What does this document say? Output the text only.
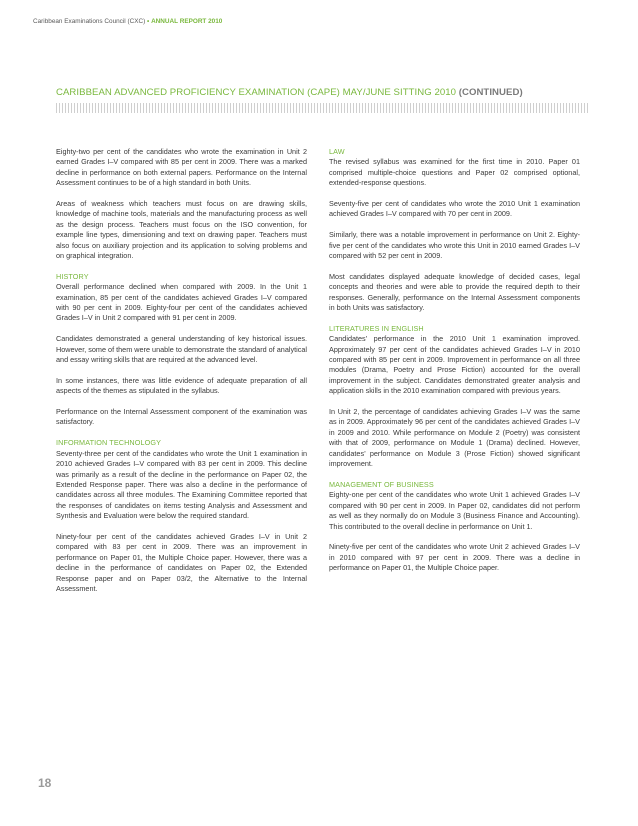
Caribbean Examinations Council (CXC) • ANNUAL REPORT 2010
CARIBBEAN ADVANCED PROFICIENCY EXAMINATION (CAPE) MAY/JUNE SITTING 2010 (CONTINUED)

Eighty-two per cent of the candidates who wrote the examination in Unit 2 earned Grades I–V compared with 85 per cent in 2009. There was a marked decline in performance on both external papers. Performance on the Internal Assessment continues to be of a high standard in both Units.

Areas of weakness which teachers must focus on are drawing skills, knowledge of machine tools, materials and the manufacturing process as well as the design process. Teachers must focus on the ISO convention, for example line types, dimensioning and text on drawing paper. Teachers must also focus on auxiliary projection and its application to solving problems and on graphical integration.

HISTORY

Overall performance declined when compared with 2009. In the Unit 1 examination, 85 per cent of the candidates achieved Grades I–V compared with 90 per cent in 2009. Eighty-four per cent of the candidates achieved Grades I–V in Unit 2 compared with 91 per cent in 2009.

Candidates demonstrated a general understanding of key historical issues. However, some of them were unable to demonstrate the standard of analytical and essay writing skills that are required at the advanced level.

In some instances, there was little evidence of adequate preparation of all aspects of the themes as stipulated in the syllabus.

Performance on the Internal Assessment component of the examination was satisfactory.

INFORMATION TECHNOLOGY

Seventy-three per cent of the candidates who wrote the Unit 1 examination in 2010 achieved Grades I–V compared with 83 per cent in 2009. This decline was primarily as a result of the decline in the performance on Paper 02, the Extended Response paper. There was also a decline in the performance of candidates across all three modules. The Examining Committee reported that the responses of candidates on items testing Analysis and Assessment and Synthesis and Evaluation were below the required standard.

Ninety-four per cent of the candidates achieved Grades I–V in Unit 2 compared with 83 per cent in 2009. There was an improvement in performance on Paper 01, the Multiple Choice paper. However, there was a decline in the performance of candidates on Paper 02, the Extended Response paper and on Paper 03/2, the Alternative to the Internal Assessment.

LAW

The revised syllabus was examined for the first time in 2010. Paper 01 comprised multiple-choice questions and Paper 02 comprised optional, extended-response questions.

Seventy-five per cent of candidates who wrote the 2010 Unit 1 examination achieved Grades I–V compared with 70 per cent in 2009.

Similarly, there was a notable improvement in performance on Unit 2. Eighty-five per cent of the candidates who wrote this Unit in 2010 earned Grades I–V compared with 52 per cent in 2009.

Most candidates displayed adequate knowledge of decided cases, legal concepts and theories and were able to provide the required depth to their responses. Generally, performance on the Internal Assessment components in both Units was satisfactory.

LITERATURES IN ENGLISH

Candidates’ performance in the 2010 Unit 1 examination improved. Approximately 97 per cent of the candidates achieved Grades I–V in 2010 compared with 85 per cent in 2009. Improvement in performance on all three modules (Drama, Poetry and Prose Fiction) accounted for the overall improvement in the subject. Candidates demonstrated greater analysis and application skills in the 2010 examination compared with previous years.

In Unit 2, the percentage of candidates achieving Grades I–V was the same as in 2009. Approximately 96 per cent of the candidates achieved Grades I–V in 2009 and 2010. While performance on Module 2 (Poetry) was consistent with that of 2009, performance on Module 1 (Drama) declined. However, candidates’ performance on Module 3 (Prose Fiction) showed significant improvement.

MANAGEMENT OF BUSINESS

Eighty-one per cent of the candidates who wrote Unit 1 achieved Grades I–V compared with 90 per cent in 2009. In Paper 02, candidates did not perform as well as they normally do on Module 3 (Business Finance and Accounting). This contributed to the overall decline in performance on Unit 1.

Ninety-five per cent of the candidates who wrote Unit 2 achieved Grades I–V in 2010 compared with 97 per cent in 2009. There was a decline in performance on Paper 01, the Multiple Choice paper.

18
